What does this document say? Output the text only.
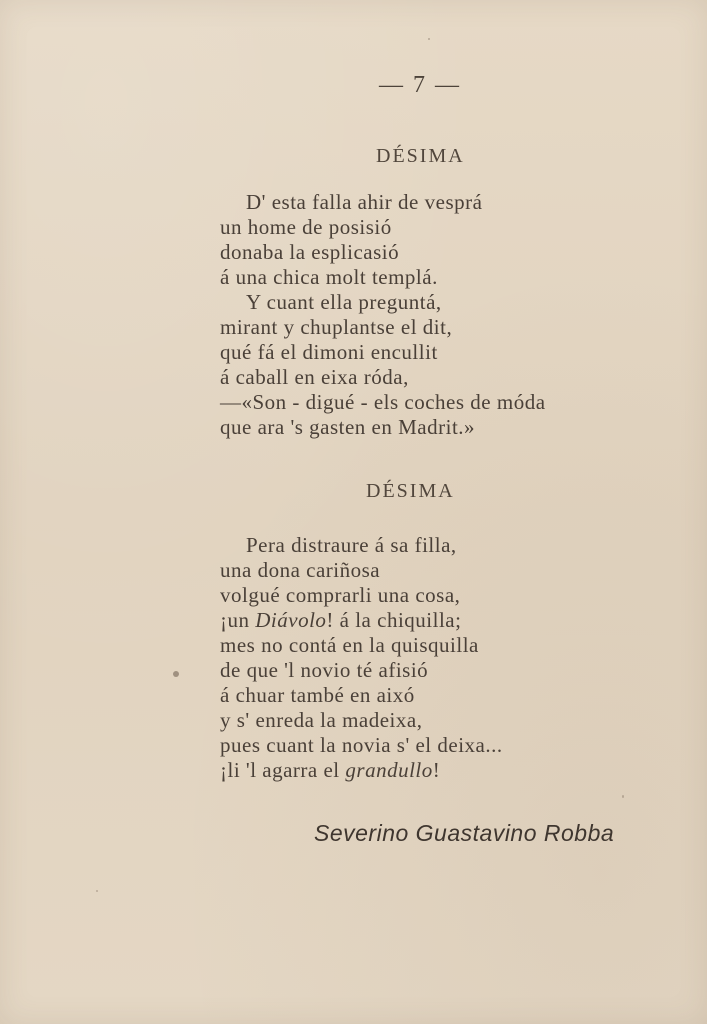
— 7 —
DÉSIMA
D' esta falla ahir de vesprá
un home de posisió
donaba la esplicasió
á una chica molt templá.
Y cuant ella preguntá,
mirant y chuplantse el dit,
qué fá el dimoni encullit
á caball en eixa róda,
—«Son - digué - els coches de móda
que ara 's gasten en Madrit.»
DÉSIMA
Pera distraure á sa filla,
una dona cariñosa
volgué comprarli una cosa,
¡un Diávolo! á la chiquilla;
mes no contá en la quisquilla
de que 'l novio té afisió
á chuar també en aixó
y s' enreda la madeixa,
pues cuant la novia s' el deixa...
¡li 'l agarra el grandullo!
Severino Guastavino Robba
